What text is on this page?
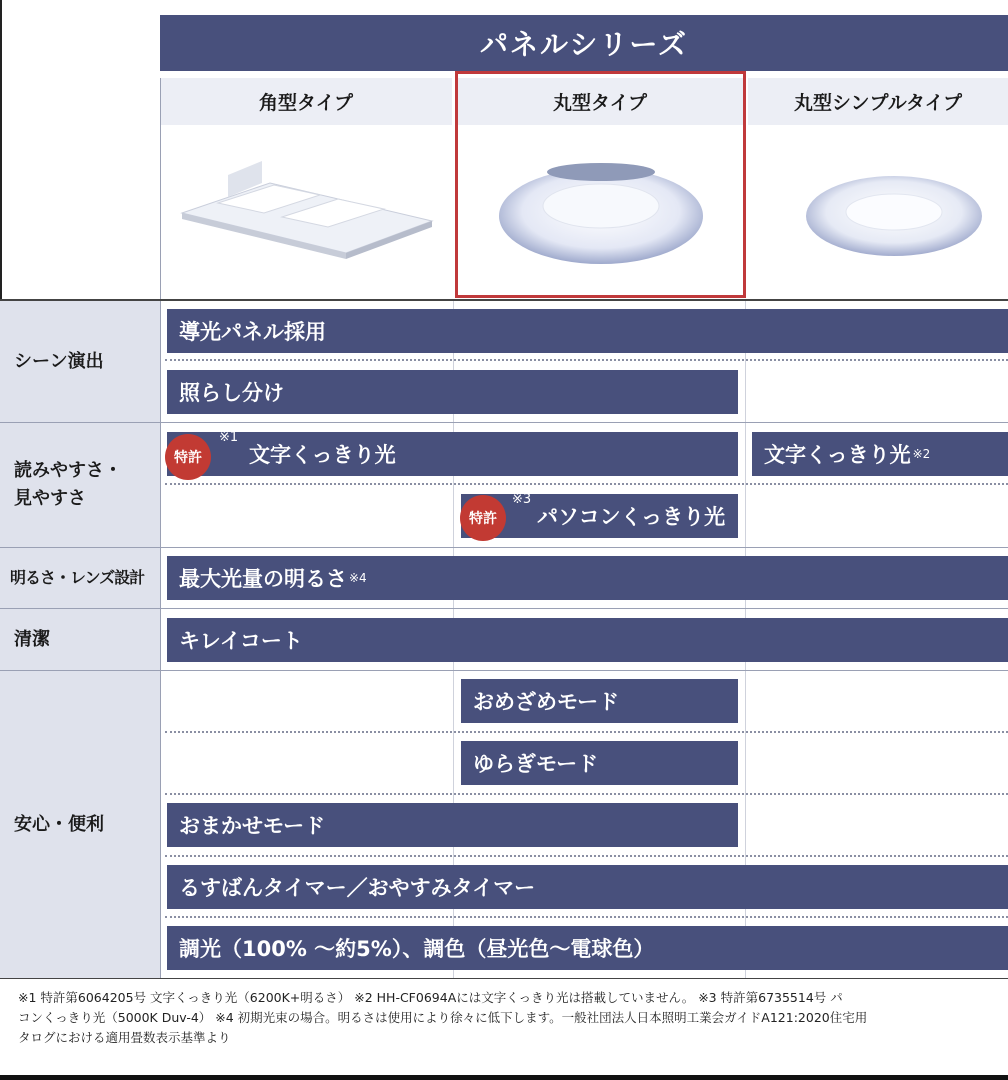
パネルシリーズ
角型タイプ	丸型タイプ	丸型シンプルタイプ
シーン演出
読みやすさ・
見やすさ
明るさ・レンズ設計
清潔
安心・便利
導光パネル採用
照らし分け
文字くっきり光
特許
※1
文字くっきり光 ※2
パソコンくっきり光
特許
※3
最大光量の明るさ ※4
キレイコート
おめざめモード
ゆらぎモード
おまかせモード
るすばんタイマー／おやすみタイマー
調光（100% ～約5%）、調色（昼光色～電球色）
※1 特許第6064205号 文字くっきり光（6200K+明るさ） ※2 HH-CF0694Aには文字くっきり光は搭載していません。 ※3 特許第6735514号 パ
コンくっきり光（5000K Duv-4） ※4 初期光束の場合。明るさは使用により徐々に低下します。一般社団法人日本照明工業会ガイドA121:2020住宅用
タログにおける適用畳数表示基準より
